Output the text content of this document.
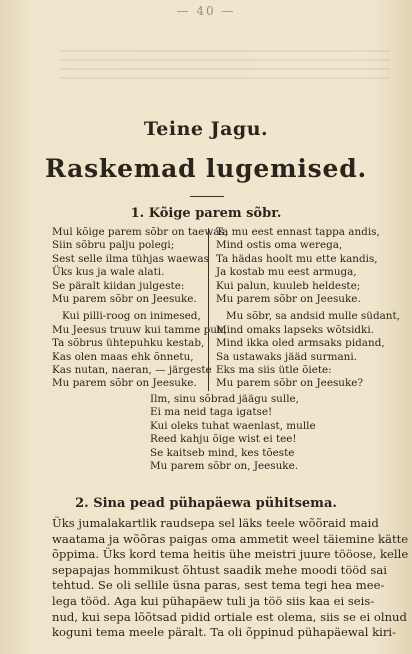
— 40 —
Teine Jagu.
Raskemad lugemised.
1. Kõige parem sõbr.
Mul kõige parem sõbr on taewas,
Siin sõbru palju polegi;
Sest selle ilma tühjas waewas
Üks kus ja wale alati.
Se päralt kiidan julgeste:
Mu parem sõbr on Jeesuke.
Kui pilli-roog on inimesed,
Mu Jeesus truuw kui tamme puu,
Ta sõbrus ühtepuhku kestab,
Kas olen maas ehk õnnetu,
Kas nutan, naeran, — järgeste
Mu parem sõbr on Jeesuke.
Ta mu eest ennast tappa andis,
Mind ostis oma werega,
Ta hädas hoolt mu ette kandis,
Ja kostab mu eest armuga,
Kui palun, kuuleb heldeste;
Mu parem sõbr on Jeesuke.
Mu sõbr, sa andsid mulle südant,
Mind omaks lapseks wõtsidki.
Mind ikka oled armsaks pidand,
Sa ustawaks jääd surmani.
Eks ma siis ütle õiete:
Mu parem sõbr on Jeesuke?
Ilm, sinu sõbrad jäägu sulle,
Ei ma neid taga igatse!
Kui oleks tuhat waenlast, mulle
Reed kahju õige wist ei tee!
Se kaitseb mind, kes tõeste
Mu parem sõbr on, Jeesuke.
2. Sina pead pühapäewa pühitsema.
Üks jumalakartlik raudsepa sel läks teele wõõraid maid
waatama ja wõõras paigas oma ammetit weel täiemine kätte
õppima. Üks kord tema heitis ühe meistri juure tööose, kelle
sepapajas hommikust õhtust saadik mehe moodi tööd sai
tehtud. Se oli sellile üsna paras, sest tema tegi hea mee-
lega tööd. Aga kui pühapäew tuli ja töö siis kaa ei seis-
nud, kui sepa lõõtsad pidid ortiale est olema, siis se ei olnud
koguni tema meele päralt. Ta oli õppinud pühapäewal kiri-
